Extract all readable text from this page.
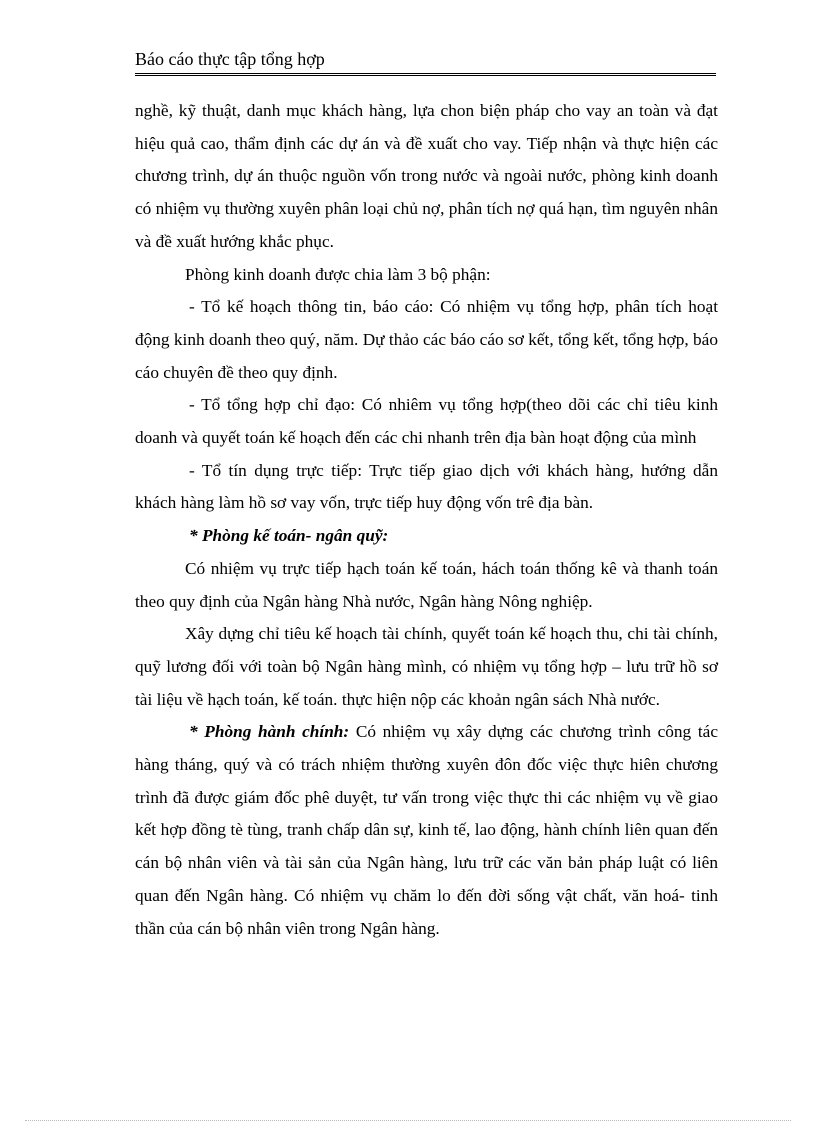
Báo cáo thực tập tổng hợp

nghề, kỹ thuật, danh mục khách hàng, lựa chon biện pháp cho vay an toàn và đạt hiệu quả cao, thẩm định các dự án và đề xuất cho vay. Tiếp nhận và thực hiện các chương trình, dự án thuộc nguồn vốn trong nước và ngoài nước, phòng kinh doanh có nhiệm vụ thường xuyên phân loại chủ nợ, phân tích nợ quá hạn, tìm nguyên nhân và đề xuất hướng khắc phục.

Phòng kinh doanh được chia làm 3 bộ phận:

- Tổ kế hoạch thông tin, báo cáo: Có nhiệm vụ tổng hợp, phân tích hoạt động kinh doanh theo quý, năm. Dự thảo các báo cáo sơ kết, tổng kết, tổng hợp, báo cáo chuyên đề theo quy định.

- Tổ tổng hợp chỉ đạo: Có nhiêm vụ tổng hợp(theo dõi các chỉ tiêu kinh doanh và quyết toán kế hoạch đến các chi nhanh trên địa bàn hoạt động của mình

- Tổ tín dụng trực tiếp: Trực tiếp giao dịch với khách hàng, hướng dẫn khách hàng làm hồ sơ vay vốn, trực tiếp huy động vốn trê địa bàn.

* Phòng kế toán- ngân quỹ:

Có nhiệm vụ trực tiếp hạch toán kế toán, hách toán thống kê và thanh toán theo quy định của Ngân hàng Nhà nước, Ngân hàng Nông nghiệp.

Xây dựng chỉ tiêu kế hoạch tài chính, quyết toán kế hoạch thu, chi tài chính, quỹ lương đối với toàn bộ Ngân hàng mình, có nhiệm vụ tổng hợp – lưu trữ hồ sơ tài liệu về hạch toán, kế toán. thực hiện nộp các khoản ngân sách Nhà nước.

* Phòng hành chính: Có nhiệm vụ xây dựng các chương trình công tác hàng tháng, quý và có trách nhiệm thường xuyên đôn đốc việc thực hiên chương trình đã được giám đốc phê duyệt, tư vấn trong việc thực thi các nhiệm vụ về giao kết hợp đồng tè tùng, tranh chấp dân sự, kinh tế, lao động, hành chính liên quan đến cán bộ nhân viên và tài sản của Ngân hàng, lưu trữ các văn bản pháp luật có liên quan đến Ngân hàng. Có nhiệm vụ chăm lo đến đời sống vật chất, văn hoá- tinh thần của cán bộ nhân viên trong Ngân hàng.
